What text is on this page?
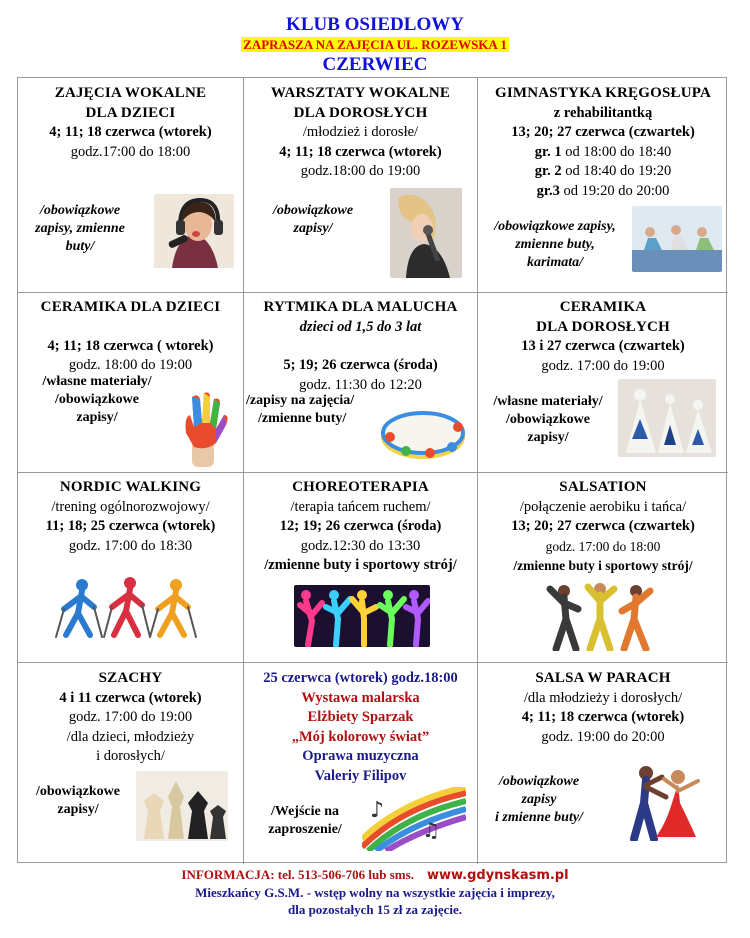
KLUB OSIEDLOWY
ZAPRASZA NA ZAJĘCIA UL. ROZEWSKA 1
CZERWIEC
ZAJĘCIA WOKALNE
DLA DZIECI
4; 11; 18 czerwca (wtorek)
godz.17:00 do 18:00
/obowiązkowe
zapisy, zmienne
buty/
WARSZTATY WOKALNE
DLA DOROSŁYCH
/młodzież i dorosłe/
4; 11; 18 czerwca (wtorek)
godz.18:00 do 19:00
/obowiązkowe
zapisy/
GIMNASTYKA KRĘGOSŁUPA
z rehabilitantką
13; 20; 27 czerwca (czwartek)
gr. 1 od 18:00 do 18:40
gr. 2 od 18:40 do 19:20
gr.3 od 19:20 do 20:00
/obowiązkowe zapisy,
zmienne buty,
karimata/
CERAMIKA DLA DZIECI
4; 11; 18 czerwca ( wtorek)
godz. 18:00 do 19:00
/własne materiały/
/obowiązkowe
zapisy/
RYTMIKA DLA MALUCHA
dzieci od 1,5 do 3 lat
5; 19; 26 czerwca (środa)
godz. 11:30 do 12:20
/zapisy na zajęcia/
/zmienne buty/
CERAMIKA
DLA DOROSŁYCH
13 i 27 czerwca (czwartek)
godz. 17:00 do 19:00
/własne materiały/
/obowiązkowe
zapisy/
NORDIC WALKING
/trening ogólnorozwojowy/
11; 18; 25 czerwca (wtorek)
godz. 17:00 do 18:30
CHOREOTERAPIA
/terapia tańcem ruchem/
12; 19; 26 czerwca (środa)
godz.12:30 do 13:30
/zmienne buty i sportowy strój/
SALSATION
/połączenie aerobiku i tańca/
13; 20; 27 czerwca (czwartek)
godz. 17:00 do 18:00
/zmienne buty i sportowy strój/
SZACHY
4 i 11 czerwca (wtorek)
godz. 17:00 do 19:00
/dla dzieci, młodzieży
i dorosłych/
/obowiązkowe
zapisy/
25 czerwca (wtorek) godz.18:00
Wystawa malarska
Elżbiety Sparzak
„Mój kolorowy świat”
Oprawa muzyczna
Valeriy Filipov
/Wejście na
zaproszenie/
♪
♫
SALSA W PARACH
/dla młodzieży i dorosłych/
4; 11; 18 czerwca (wtorek)
godz. 19:00 do 20:00
/obowiązkowe
zapisy
i zmienne buty/
INFORMACJA: tel. 513-506-706 lub sms. www.gdynskasm.pl
Mieszkańcy G.S.M. - wstęp wolny na wszystkie zajęcia i imprezy,
dla pozostałych 15 zł za zajęcie.
